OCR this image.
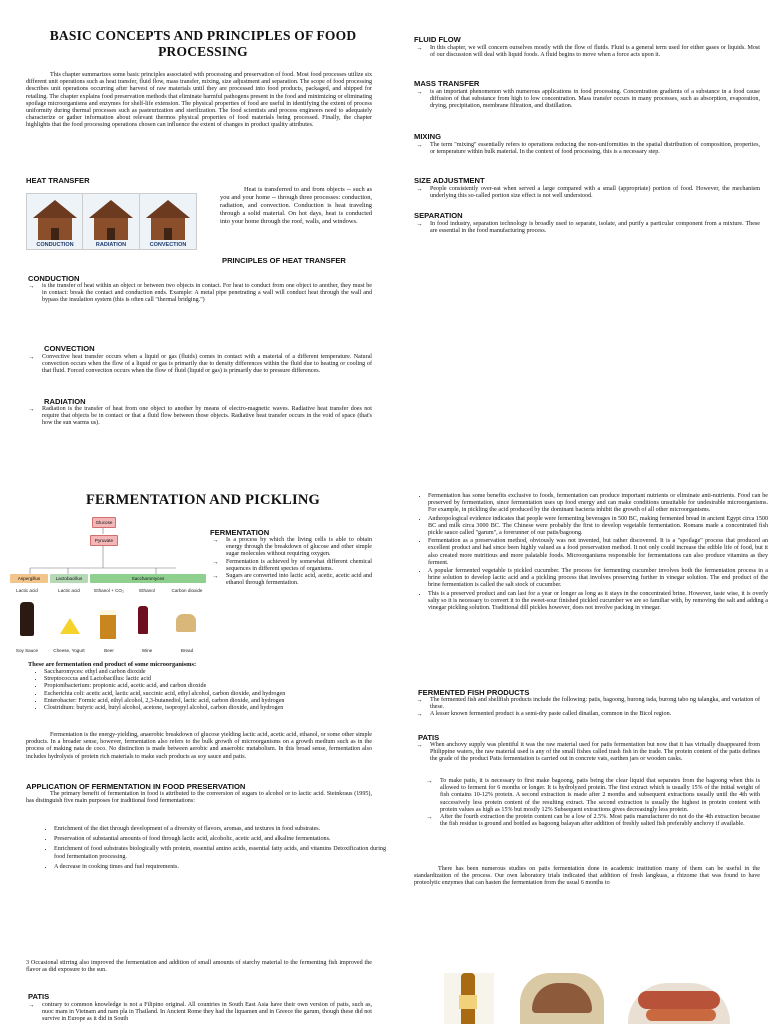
BASIC CONCEPTS AND PRINCIPLES OF FOOD PROCESSING

This chapter summarizes some basic principles associated with processing and preservation of food. Most food processes utilize six different unit operations such as heat transfer, fluid flow, mass transfer, mixing, size adjustment and separation. The scope of food processing describes unit operations occurring after harvest of raw materials until they are processed into food products, packaged, and shipped for retailing. The chapter explains food preservation methods that eliminate harmful pathogens present in the food and minimizing or eliminating spoilage microorganisms and enzymes for shelf-life extension. The physical properties of food are useful in identifying the extent of process uniformity during thermal processes such as pasteurization and sterilization. The food scientists and process engineers need to adequately characterize or gather information about relevant thermos physical properties of food materials being processed. Finally, the chapter highlights that the food processing operations chosen can influence the extent of changes in product quality attributes.

HEAT TRANSFER
CONDUCTION	RADIATION	CONVECTION

Heat is transferred to and from objects -- such as you and your home -- through three processes: conduction, radiation, and convection. Conduction is heat traveling through a solid material. On hot days, heat is conducted into your home through the roof, walls, and windows.

PRINCIPLES OF HEAT TRANSFER
CONDUCTION
→ is the transfer of heat within an object or between two objects in contact. For heat to conduct from one object to another, they must be in contact: break the contact and conduction ends. Example: A metal pipe penetrating a wall will conduct heat through the wall and bypass the insulation system (this is often call "thermal bridging.")
CONVECTION
→ Convective heat transfer occurs when a liquid or gas (fluids) comes in contact with a material of a different temperature. Natural convection occurs when the flow of a liquid or gas is primarily due to density differences within the fluid due to heating or cooling of that fluid. Forced convection occurs when the flow of fluid (liquid or gas) is primarily due to pressure differences.
RADIATION
→ Radiation is the transfer of heat from one object to another by means of electro-magnetic waves. Radiative heat transfer does not require that objects be in contact or that a fluid flow between those objects. Radiative heat transfer occurs in the void of space (that's how the sun warms us).
FLUID FLOW
→ In this chapter, we will concern ourselves mostly with the flow of fluids. Fluid is a general term used for either gases or liquids. Most of our discussion will deal with liquid foods. A fluid begins to move when a force acts upon it.
MASS TRANSFER
→ is an important phenomenon with numerous applications in food processing. Concentration gradients of a substance in a food cause diffusion of that substance from high to low concentration. Mass transfer occurs in many processes, such as absorption, evaporation, drying, precipitation, membrane filtration, and distillation.
MIXING
→ The term "mixing" essentially refers to operations reducing the non-uniformities in the spatial distribution of composition, properties, or temperature within bulk material. In the context of food processing, this is a necessary step.
SIZE ADJUSTMENT
→ People consistently over-eat when served a large compared with a small (appropriate) portion of food. However, the mechanism underlying this so-called portion size effect is not well understood.
SEPARATION
→ In food industry, separation technology is broadly used to separate, isolate, and purify a particular component from a mixture. These are essential in the food manufacturing process.
FERMENTATION AND PICKLING
Glucose
Pyruvate
Aspergillus	Lactobacillus	Saccharomyces
Lactic acid	Lactic acid	Ethanol + CO₂	Ethanol	Carbon dioxide
Soy Sauce	Cheese, Yogurt	Beer	Wine	Bread
FERMENTATION
→ Is a process by which the living cells is able to obtain energy through the breakdown of glucose and other simple sugar molecules without requiring oxygen.
→ Fermentation is achieved by somewhat different chemical sequences in different species of organisms.
→ Sugars are converted into lactic acid, acetic, acetic acid and ethanol through fermentation.
These are fermentation end product of some microorganisms:
• Saccharomyces: ethyl and carbon dioxide
• Streptococcus and Lactobacillus: lactic acid
• Propionibacterium: propionic acid, acetic acid, and carbon dioxide
• Escherichia coli: acetic acid, lactic acid, succinic acid, ethyl alcohol, carbon dioxide, and hydrogen
• Enterobacter: Formic acid, ethyl alcohol, 2,3-butanediol, lactic acid, carbon dioxide, and hydrogen
• Clostridium: butyric acid, butyl alcohol, acetone, isopropyl alcohol, carbon dioxide, and hydrogen

Fermentation is the energy-yielding, anaerobic breakdown of glucose yielding lactic acid, acetic acid, ethanol, or some other simple products. In a broader sense, however, fermentation also refers to the bulk growth of microorganisms on a growth medium such as in the process of making nata de coco. No distinction is made between aerobic and anaerobic metabolism. In this broad sense, fermentation also includes hydrolysis of protein rich materials to make such products as soy sauce and patis.

APPLICATION OF FERMENTATION IN FOOD PRESERVATION

The primary benefit of fermentation in food is attributed to the conversion of sugars to alcohol or to lactic acid. Steinkraus (1995), has distinguish five main purposes for traditional food fermentations:

• Enrichment of the diet through development of a diversity of flavors, aromas, and textures in food substrates.
• Preservation of substantial amounts of food through lactic acid, alcoholic, acetic acid, and alkaline fermentations.
• Enrichment of food substrates biologically with protein, essential amino acids, essential fatty acids, and vitamins Detoxification during food fermentation processing.
• A decrease in cooking times and fuel requirements.
• Fermentation has some benefits exclusive to foods, fermentation can produce important nutrients or eliminate anti-nutrients. Food can be preserved by fermentation, since fermentation uses up food energy and can make conditions unsuitable for undesirable microorganisms. For example, in pickling the acid produced by the dominant bacteria inhibit the growth of all other microorganisms.
• Anthropological evidence indicates that people were fermenting beverages in 500 BC, making fermented bread in ancient Egypt circa 1500 BC and milk circa 3000 BC. The Chinese were probably the first to develop vegetable fermentation. Romans made a concentrated fish pickle sauce called "garum", a forerunner of our patis/bagoong.
• Fermentation as a preservation method, obviously was not invented, but rather discovered. It is a "spoilage" process that produced an excellent product and had since been highly valued as a food preservation method. It not only could increase the edible life of food, but it also created more nutritious and more palatable foods. Microorganisms responsible for fermentations can also produce vitamins as they ferment.
• A popular fermented vegetable is pickled cucumber. The process for fermenting cucumber involves both the fermentation process in a brine solution to develop lactic acid and a pickling process that involves preserving further in vinegar solution. The end product of the brine fermentation is called the salt stock of cucumber.
• This is a preserved product and can last for a year or longer as long as it stays in the concentrated brine. However, taste wise, it is overly salty so it is necessary to convert it to the sweet-sour finished pickled cucumber we are so familiar with, by removing the salt and adding a vinegar pickling solution. Traditional dill pickles however, does not involve packing in vinegar.
FERMENTED FISH PRODUCTS
→ The fermented fish and shellfish products include the following: patis, bagoong, burong isda, burong tabo ng talangka, and variation of these.
→ A lesser known fermented product is a semi-dry paste called dinailan, common in the Bicol region.
PATIS
→ When anchovy supply was plentiful it was the raw material used for patis fermentation but now that it has virtually disappeared from Philippine waters, the raw material used is any of the small fishes called trash fish in the trade. The protein content of the patis defines the grade of the product Patis fermentation is carried out in concrete vats, earthen jars or wooden casks.
→ To make patis, it is necessary to first make bagoong, patis being the clear liquid that separates from the bagoong when this is allowed to ferment for 6 months or longer. It is hydrolyzed protein. The first extract which is usually 15% of the initial weight of fish contains 10-12% protein. A second extraction is made after 2 months and subsequent extractions usually until the 4th with successively less protein content of the resulting extract. The second extraction is usually the highest in protein content with protein values as high as 15% but mostly 12% Subsequent extractions gives decreasingly less protein.
→ After the fourth extraction the protein content can be a low of 2.5%. Most patis manufacturer do not do the 4th extraction because the fish residue is ground and bottled as bagoong balayan after addition of freshly salted fish preferably anchovy if available.

There has been numerous studies on patis fermentation done in academic institution many of them can be useful in the standardization of the process. Our own laboratory trials indicated that addition of fresh langkuas, a rhizome that was found to have proteolytic enzymes that can hasten the fermentation from the usual 6 months to

3 Occasional stirring also improved the fermentation and addition of small amounts of starchy material to the fermenting fish improved the flavor as did exposure to the sun.

PATIS
→ contrary to common knowledge is not a Filipino original. All countries in South East Asia have their own version of patis, such as, nuoc mam in Vietnam and nam pla in Thailand. In Ancient Rome they had the liquamen and in Greece the garum, though these did not survive in Europe as it did in South
